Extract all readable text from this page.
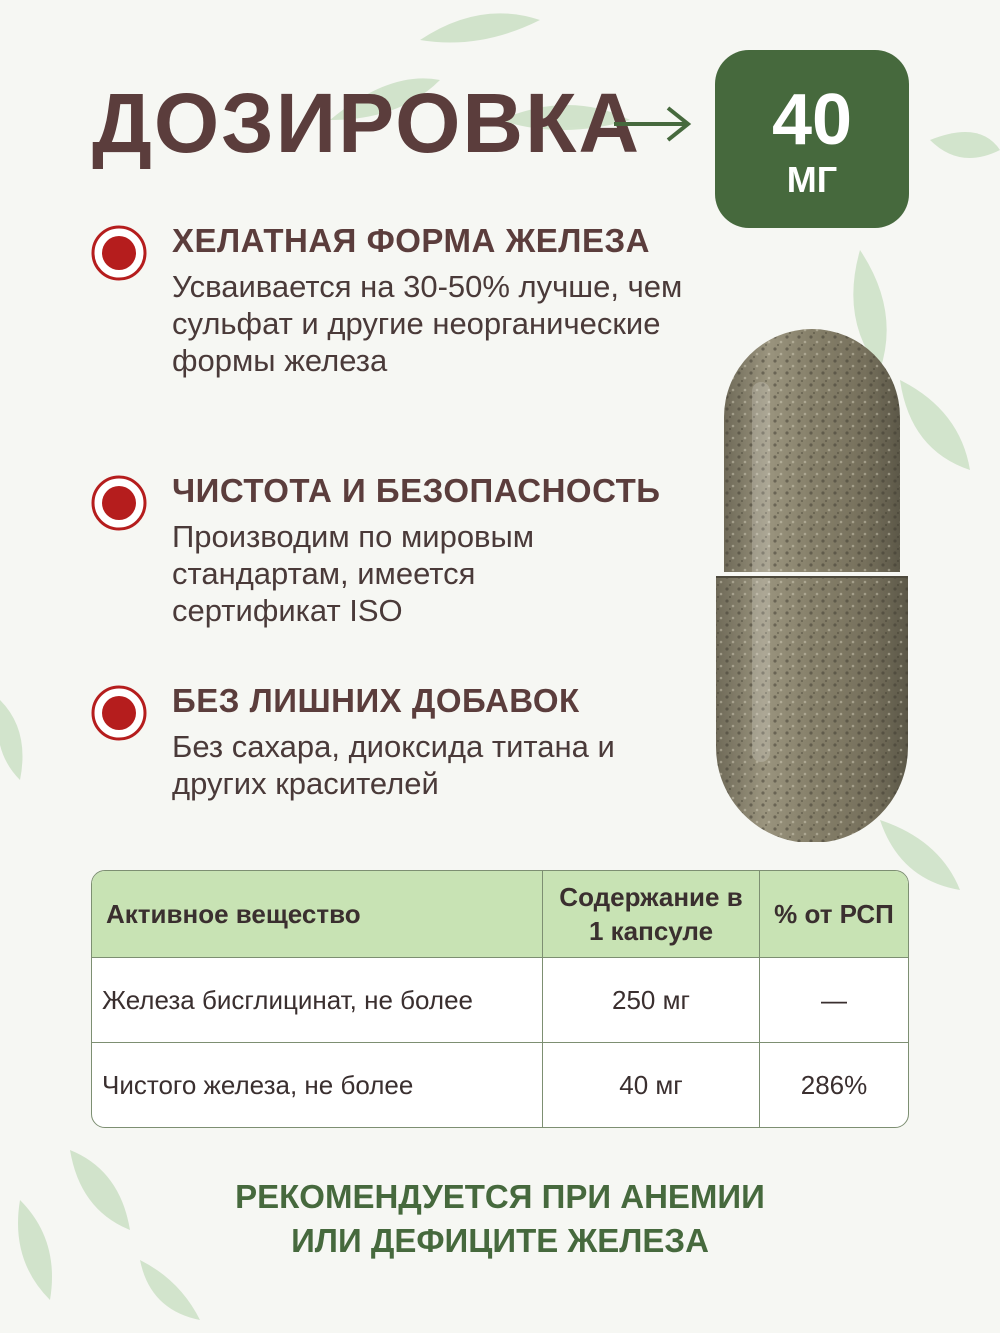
ДОЗИРОВКА	40
МГ
ХЕЛАТНАЯ ФОРМА ЖЕЛЕЗА

Усваивается на 30-50% лучше, чем сульфат и другие неорганические формы железа

ЧИСТОТА И БЕЗОПАСНОСТЬ

Производим по мировым стандартам, имеется сертификат ISO

БЕЗ ЛИШНИХ ДОБАВОК

Без сахара, диоксида титана и других красителей

Активное вещество	Содержание в 1 капсуле	% от РСП
Железа бисглицинат, не более	250 мг	—
Чистого железа, не более	40 мг	286%
РЕКОМЕНДУЕТСЯ ПРИ АНЕМИИ
ИЛИ ДЕФИЦИТЕ ЖЕЛЕЗА
